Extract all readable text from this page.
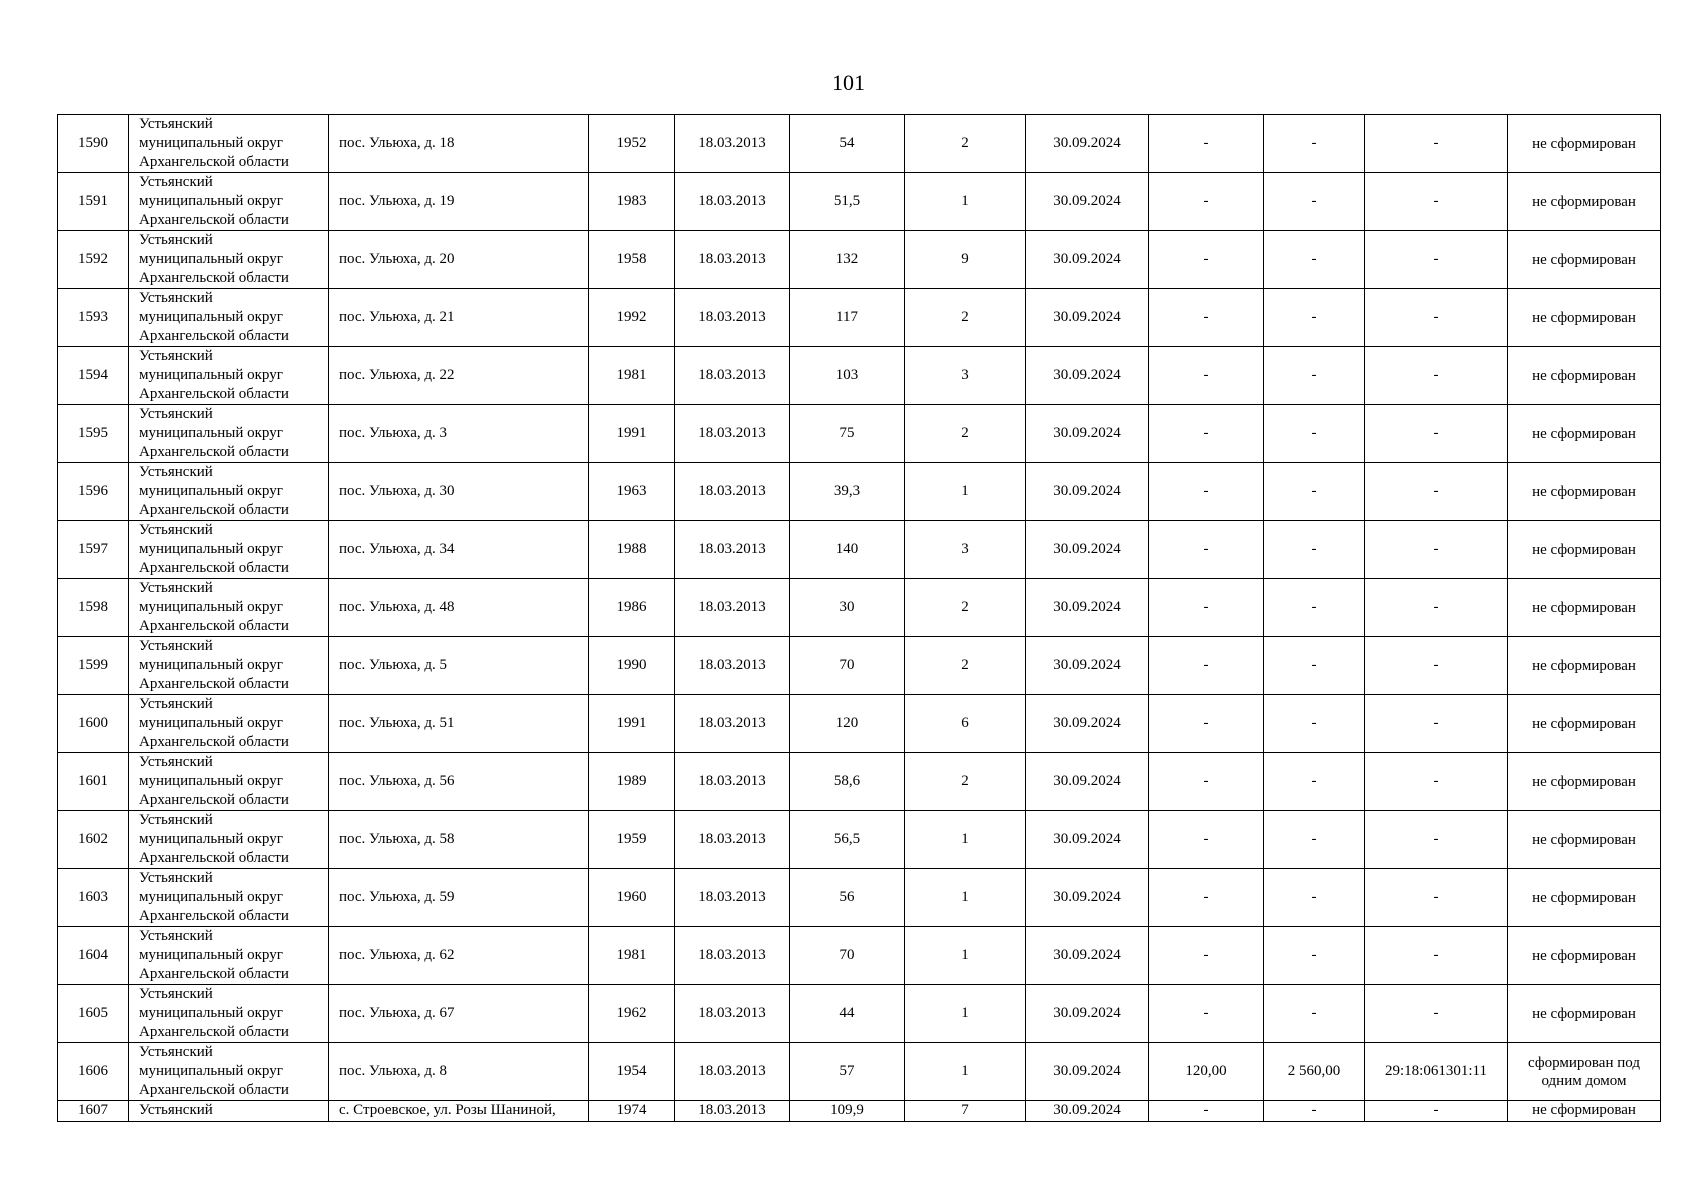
101
1590	Устьянский
муниципальный округ
Архангельской области	пос. Ульюха, д. 18	1952	18.03.2013	54	2	30.09.2024	-	-	-	не сформирован
1591	Устьянский
муниципальный округ
Архангельской области	пос. Ульюха, д. 19	1983	18.03.2013	51,5	1	30.09.2024	-	-	-	не сформирован
1592	Устьянский
муниципальный округ
Архангельской области	пос. Ульюха, д. 20	1958	18.03.2013	132	9	30.09.2024	-	-	-	не сформирован
1593	Устьянский
муниципальный округ
Архангельской области	пос. Ульюха, д. 21	1992	18.03.2013	117	2	30.09.2024	-	-	-	не сформирован
1594	Устьянский
муниципальный округ
Архангельской области	пос. Ульюха, д. 22	1981	18.03.2013	103	3	30.09.2024	-	-	-	не сформирован
1595	Устьянский
муниципальный округ
Архангельской области	пос. Ульюха, д. 3	1991	18.03.2013	75	2	30.09.2024	-	-	-	не сформирован
1596	Устьянский
муниципальный округ
Архангельской области	пос. Ульюха, д. 30	1963	18.03.2013	39,3	1	30.09.2024	-	-	-	не сформирован
1597	Устьянский
муниципальный округ
Архангельской области	пос. Ульюха, д. 34	1988	18.03.2013	140	3	30.09.2024	-	-	-	не сформирован
1598	Устьянский
муниципальный округ
Архангельской области	пос. Ульюха, д. 48	1986	18.03.2013	30	2	30.09.2024	-	-	-	не сформирован
1599	Устьянский
муниципальный округ
Архангельской области	пос. Ульюха, д. 5	1990	18.03.2013	70	2	30.09.2024	-	-	-	не сформирован
1600	Устьянский
муниципальный округ
Архангельской области	пос. Ульюха, д. 51	1991	18.03.2013	120	6	30.09.2024	-	-	-	не сформирован
1601	Устьянский
муниципальный округ
Архангельской области	пос. Ульюха, д. 56	1989	18.03.2013	58,6	2	30.09.2024	-	-	-	не сформирован
1602	Устьянский
муниципальный округ
Архангельской области	пос. Ульюха, д. 58	1959	18.03.2013	56,5	1	30.09.2024	-	-	-	не сформирован
1603	Устьянский
муниципальный округ
Архангельской области	пос. Ульюха, д. 59	1960	18.03.2013	56	1	30.09.2024	-	-	-	не сформирован
1604	Устьянский
муниципальный округ
Архангельской области	пос. Ульюха, д. 62	1981	18.03.2013	70	1	30.09.2024	-	-	-	не сформирован
1605	Устьянский
муниципальный округ
Архангельской области	пос. Ульюха, д. 67	1962	18.03.2013	44	1	30.09.2024	-	-	-	не сформирован
1606	Устьянский
муниципальный округ
Архангельской области	пос. Ульюха, д. 8	1954	18.03.2013	57	1	30.09.2024	120,00	2 560,00	29:18:061301:11	сформирован под одним домом
1607	Устьянский	с. Строевское, ул. Розы Шаниной,	1974	18.03.2013	109,9	7	30.09.2024	-	-	-	не сформирован
